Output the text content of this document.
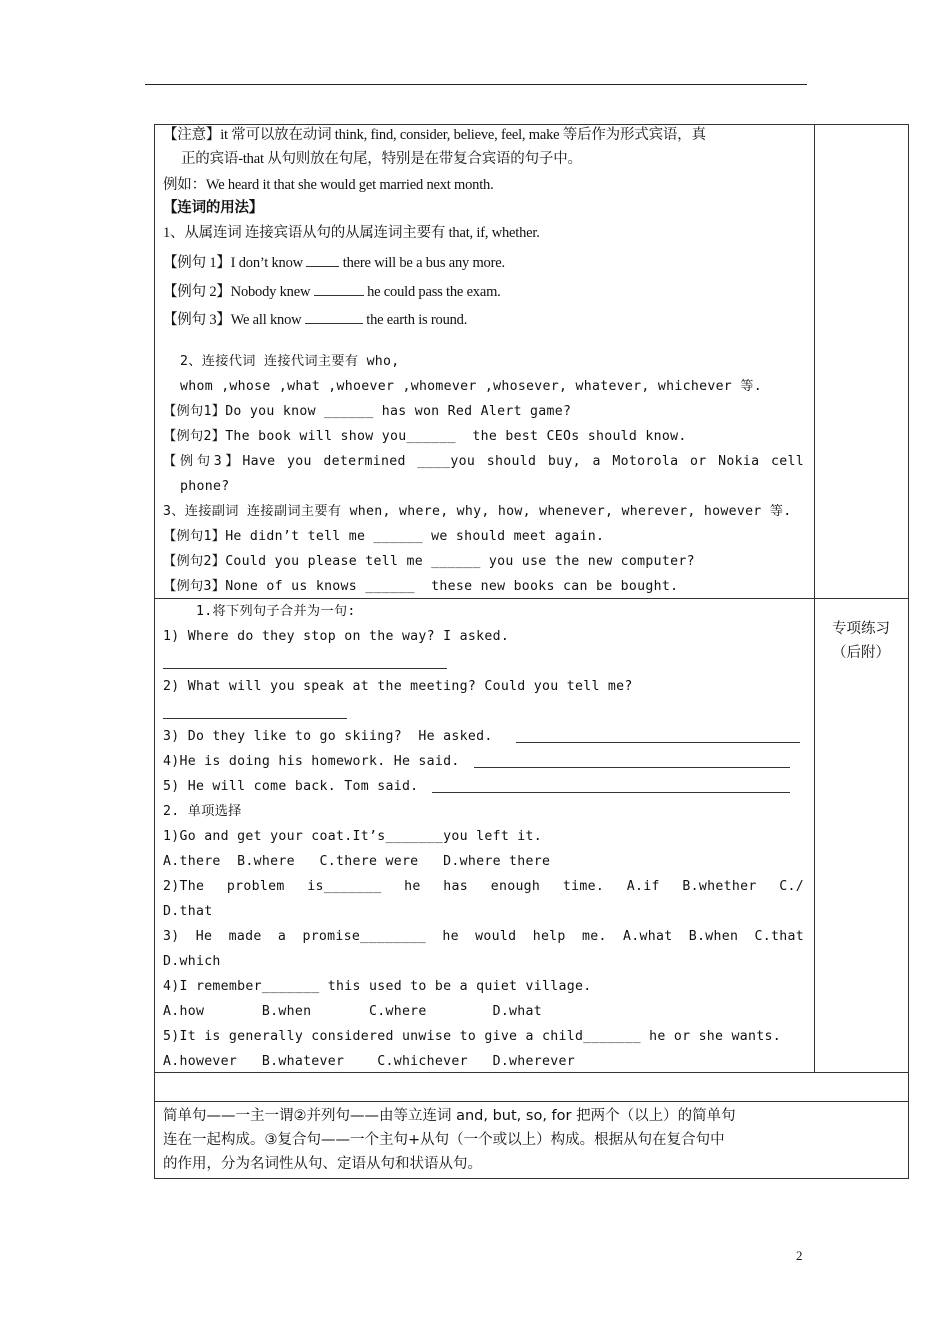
【注意】it 常可以放在动词 think, find, consider, believe, feel, make 等后作为形式宾语，真
正的宾语-that 从句则放在句尾，特别是在带复合宾语的句子中。
例如：We heard it that she would get married next month.
【连词的用法】
1、从属连词 连接宾语从句的从属连词主要有 that, if, whether.
【例句 1】I don’t know  there will be a bus any more.
【例句 2】Nobody knew	he could pass the exam.
【例句 3】We all know	the earth is round.
2、连接代词 连接代词主要有 who,
whom ,whose ,what ,whoever ,whomever ,whosever, whatever, whichever 等.
【例句1】Do you know ______ has won Red Alert game?
【例句2】The book will show you______  the best CEOs should know.
【例句3】Have you determined ____you should buy, a Motorola or Nokia cell
phone?
3、连接副词 连接副词主要有 when, where, why, how, whenever, wherever, however 等.
【例句1】He didn’t tell me ______ we should meet again.
【例句2】Could you please tell me ______ you use the new computer?
【例句3】None of us knows ______  these new books can be bought.
1.将下列句子合并为一句:
1) Where do they stop on the way? I asked.
2) What will you speak at the meeting? Could you tell me?
3) Do they like to go skiing?  He asked.
4)He is doing his homework. He said.
5) He will come back. Tom said.
2. 单项选择
1)Go and get your coat.It’s_______you left it.
A.there  B.where   C.there were   D.where there
2)The problem is_______ he has enough time. A.if B.whether C./
D.that
3) He made a promise________ he would help me. A.what B.when C.that
D.which
4)I remember_______ this used to be a quiet village.
A.how       B.when       C.where        D.what
5)It is generally considered unwise to give a child_______ he or she wants.
A.however   B.whatever    C.whichever   D.wherever
专项练习
（后附）
简单句——一主一谓②并列句——由等立连词 and, but, so, for 把两个（以上）的简单句
连在一起构成。③复合句——一个主句+从句（一个或以上）构成。根据从句在复合句中
的作用，分为名词性从句、定语从句和状语从句。
2
